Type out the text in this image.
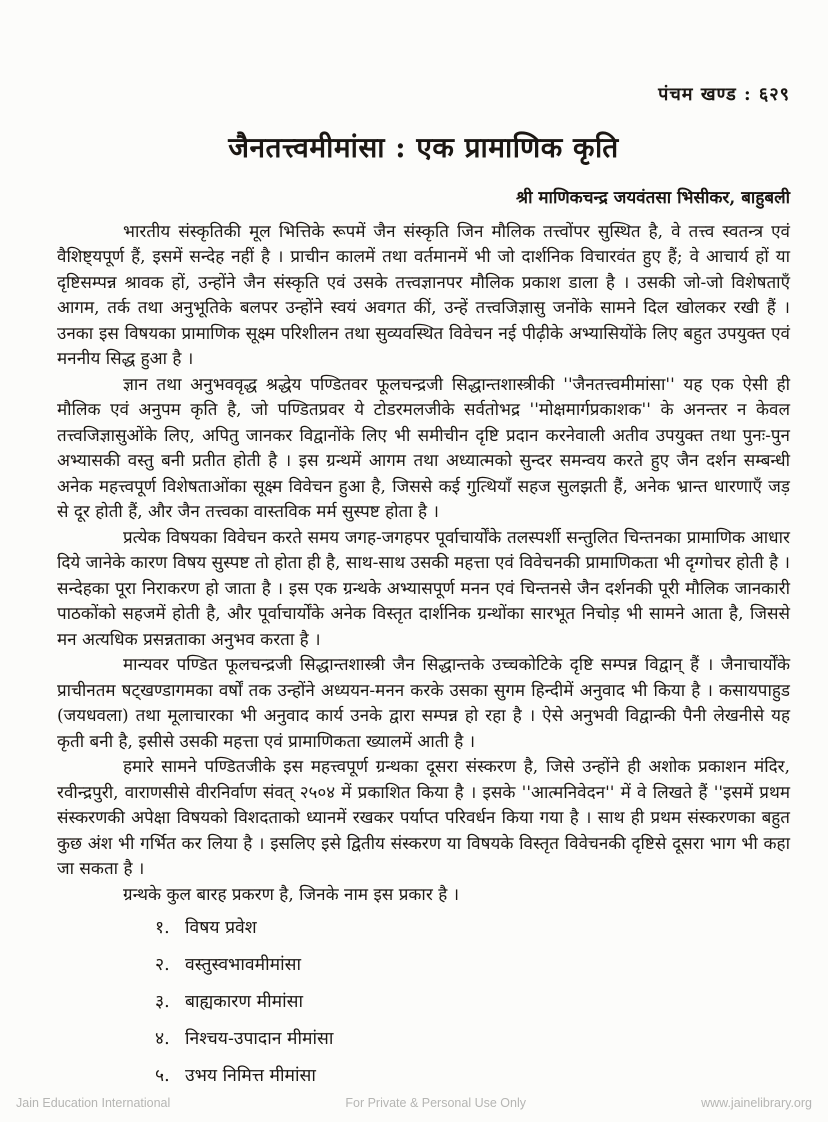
पंचम खण्ड : ६२९
जैनतत्त्वमीमांसा : एक प्रामाणिक कृति
श्री माणिकचन्द्र जयवंतसा भिसीकर, बाहुबली

भारतीय संस्कृतिकी मूल भित्तिके रूपमें जैन संस्कृति जिन मौलिक तत्त्वोंपर सुस्थित है, वे तत्त्व स्वतन्त्र एवं वैशिष्ट्यपूर्ण हैं, इसमें सन्देह नहीं है । प्राचीन कालमें तथा वर्तमानमें भी जो दार्शनिक विचारवंत हुए हैं; वे आचार्य हों या दृष्टिसम्पन्न श्रावक हों, उन्होंने जैन संस्कृति एवं उसके तत्त्वज्ञानपर मौलिक प्रकाश डाला है । उसकी जो-जो विशेषताएँ आगम, तर्क तथा अनुभूतिके बलपर उन्होंने स्वयं अवगत कीं, उन्हें तत्त्वजिज्ञासु जनोंके सामने दिल खोलकर रखी हैं । उनका इस विषयका प्रामाणिक सूक्ष्म परिशीलन तथा सुव्यवस्थित विवेचन नई पीढ़ीके अभ्यासियोंके लिए बहुत उपयुक्त एवं मननीय सिद्ध हुआ है ।

ज्ञान तथा अनुभववृद्ध श्रद्धेय पण्डितवर फूलचन्द्रजी सिद्धान्तशास्त्रीकी ''जैनतत्त्वमीमांसा'' यह एक ऐसी ही मौलिक एवं अनुपम कृति है, जो पण्डितप्रवर ये टोडरमलजीके सर्वतोभद्र ''मोक्षमार्गप्रकाशक'' के अनन्तर न केवल तत्त्वजिज्ञासुओंके लिए, अपितु जानकर विद्वानोंके लिए भी समीचीन दृष्टि प्रदान करनेवाली अतीव उपयुक्त तथा पुनः-पुन अभ्यासकी वस्तु बनी प्रतीत होती है । इस ग्रन्थमें आगम तथा अध्यात्मको सुन्दर समन्वय करते हुए जैन दर्शन सम्बन्धी अनेक महत्त्वपूर्ण विशेषताओंका सूक्ष्म विवेचन हुआ है, जिससे कई गुत्थियाँ सहज सुलझती हैं, अनेक भ्रान्त धारणाएँ जड़ से दूर होती हैं, और जैन तत्त्वका वास्तविक मर्म सुस्पष्ट होता है ।

प्रत्येक विषयका विवेचन करते समय जगह-जगहपर पूर्वाचार्योंके तलस्पर्शी सन्तुलित चिन्तनका प्रामाणिक आधार दिये जानेके कारण विषय सुस्पष्ट तो होता ही है, साथ-साथ उसकी महत्ता एवं विवेचनकी प्रामाणिकता भी दृग्गोचर होती है । सन्देहका पूरा निराकरण हो जाता है । इस एक ग्रन्थके अभ्यासपूर्ण मनन एवं चिन्तनसे जैन दर्शनकी पूरी मौलिक जानकारी पाठकोंको सहजमें होती है, और पूर्वाचार्योंके अनेक विस्तृत दार्शनिक ग्रन्थोंका सारभूत निचोड़ भी सामने आता है, जिससे मन अत्यधिक प्रसन्नताका अनुभव करता है ।

मान्यवर पण्डित फूलचन्द्रजी सिद्धान्तशास्त्री जैन सिद्धान्तके उच्चकोटिके दृष्टि सम्पन्न विद्वान् हैं । जैनाचार्योंके प्राचीनतम षट्खण्डागमका वर्षों तक उन्होंने अध्ययन-मनन करके उसका सुगम हिन्दीमें अनुवाद भी किया है । कसायपाहुड (जयधवला) तथा मूलाचारका भी अनुवाद कार्य उनके द्वारा सम्पन्न हो रहा है । ऐसे अनुभवी विद्वान्की पैनी लेखनीसे यह कृती बनी है, इसीसे उसकी महत्ता एवं प्रामाणिकता ख्यालमें आती है ।

हमारे सामने पण्डितजीके इस महत्त्वपूर्ण ग्रन्थका दूसरा संस्करण है, जिसे उन्होंने ही अशोक प्रकाशन मंदिर, रवीन्द्रपुरी, वाराणसीसे वीरनिर्वाण संवत् २५०४ में प्रकाशित किया है । इसके ''आत्मनिवेदन'' में वे लिखते हैं ''इसमें प्रथम संस्करणकी अपेक्षा विषयको विशदताको ध्यानमें रखकर पर्याप्त परिवर्धन किया गया है । साथ ही प्रथम संस्करणका बहुत कुछ अंश भी गर्भित कर लिया है । इसलिए इसे द्वितीय संस्करण या विषयके विस्तृत विवेचनकी दृष्टिसे दूसरा भाग भी कहा जा सकता है ।

ग्रन्थके कुल बारह प्रकरण है, जिनके नाम इस प्रकार है ।

१. विषय प्रवेश
२. वस्तुस्वभावमीमांसा
३. बाह्यकारण मीमांसा
४. निश्चय-उपादान मीमांसा
५. उभय निमित्त मीमांसा
Jain Education International	For Private & Personal Use Only	www.jainelibrary.org
